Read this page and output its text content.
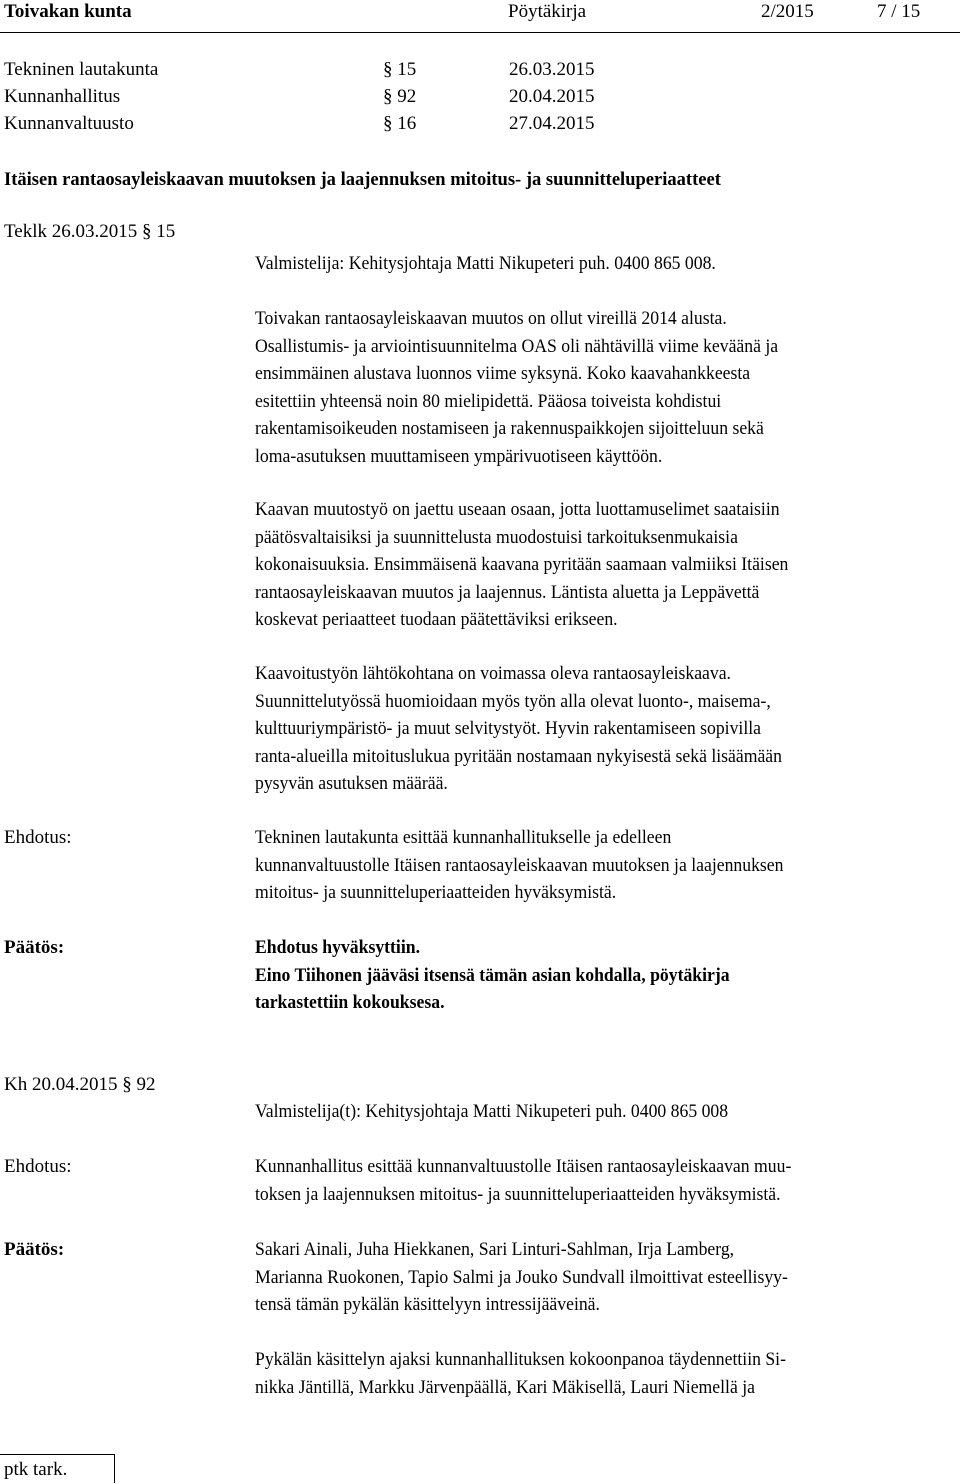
Toivakan kunta	Pöytäkirja	2/2015	7 / 15
Tekninen lautakunta	§ 15	26.03.2015
Kunnanhallitus	§ 92	20.04.2015
Kunnanvaltuusto	§ 16	27.04.2015
Itäisen rantaosayleiskaavan muutoksen ja laajennuksen mitoitus- ja suunnitteluperiaatteet
Teklk 26.03.2015 § 15
Valmistelija: Kehitysjohtaja Matti Nikupeteri puh. 0400 865 008.
Toivakan rantaosayleiskaavan muutos on ollut vireillä 2014 alusta.
Osallistumis- ja arviointisuunnitelma OAS oli nähtävillä viime keväänä ja
ensimmäinen alustava luonnos viime syksynä. Koko kaavahankkeesta
esitettiin yhteensä noin 80 mielipidettä. Pääosa toiveista kohdistui
rakentamisoikeuden nostamiseen ja rakennuspaikkojen sijoitteluun sekä
loma-asutuksen muuttamiseen ympärivuotiseen käyttöön.
Kaavan muutostyö on jaettu useaan osaan, jotta luottamuselimet saataisiin
päätösvaltaisiksi ja suunnittelusta muodostuisi tarkoituksenmukaisia
kokonaisuuksia. Ensimmäisenä kaavana pyritään saamaan valmiiksi Itäisen
rantaosayleiskaavan muutos ja laajennus. Läntista aluetta ja Leppävettä
koskevat periaatteet tuodaan päätettäviksi erikseen.
Kaavoitustyön lähtökohtana on voimassa oleva rantaosayleiskaava.
Suunnittelutyössä huomioidaan myös työn alla olevat luonto-, maisema-,
kulttuuriympäristö- ja muut selvitystyöt. Hyvin rakentamiseen sopivilla
ranta-alueilla mitoituslukua pyritään nostamaan nykyisestä sekä lisäämään
pysyvän asutuksen määrää.
Ehdotus:	Tekninen lautakunta esittää kunnanhallitukselle ja edelleen
kunnanvaltuustolle Itäisen rantaosayleiskaavan muutoksen ja laajennuksen
mitoitus- ja suunnitteluperiaatteiden hyväksymistä.
Päätös:	Ehdotus hyväksyttiin.
Eino Tiihonen jääväsi itsensä tämän asian kohdalla, pöytäkirja
tarkastettiin kokouksesa.
Kh 20.04.2015 § 92
Valmistelija(t): Kehitysjohtaja Matti Nikupeteri puh. 0400 865 008
Ehdotus:	Kunnanhallitus esittää kunnanvaltuustolle Itäisen rantaosayleiskaavan muu-
toksen ja laajennuksen mitoitus- ja suunnitteluperiaatteiden hyväksymistä.
Päätös:	Sakari Ainali, Juha Hiekkanen, Sari Linturi-Sahlman, Irja Lamberg,
Marianna Ruokonen, Tapio Salmi ja Jouko Sundvall ilmoittivat esteellisyy-
tensä tämän pykälän käsittelyyn intressijääveinä.
Pykälän käsittelyn ajaksi kunnanhallituksen kokoonpanoa täydennettiin Si-
nikka Jäntillä, Markku Järvenpäällä, Kari Mäkisellä, Lauri Niemellä ja
ptk tark.
